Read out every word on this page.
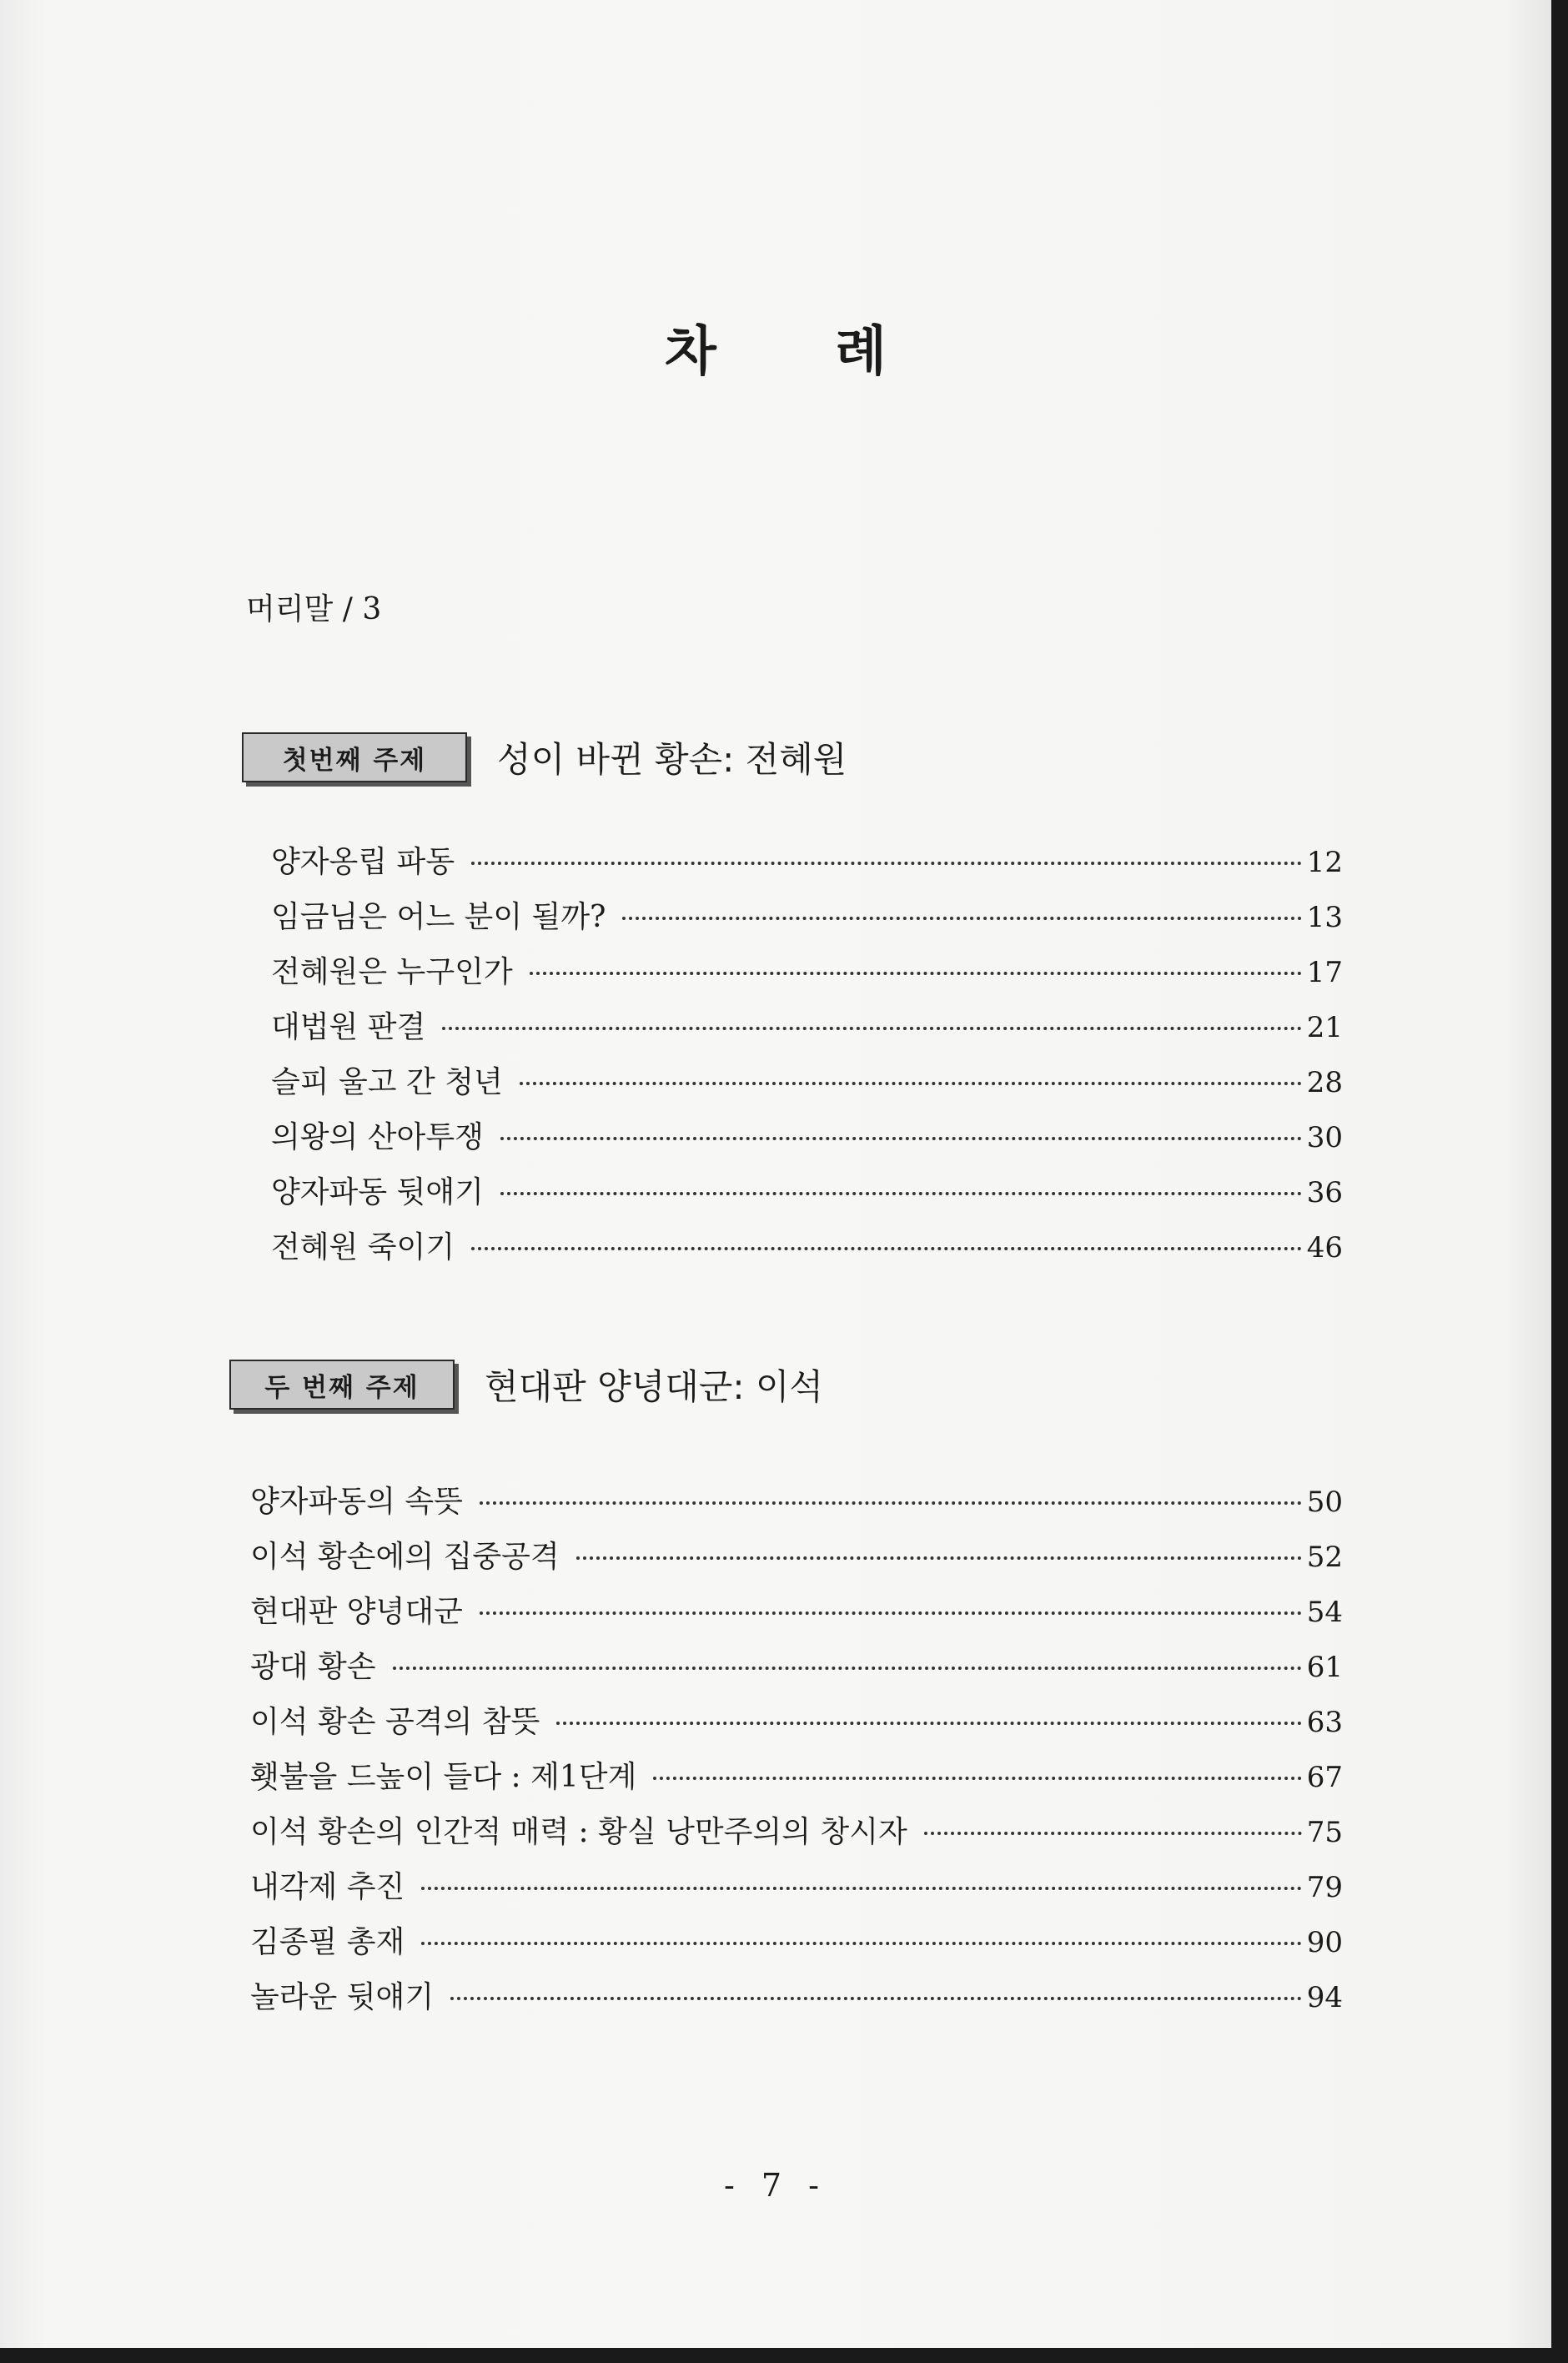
차 례
머리말 / 3
첫번째 주제	성이 바뀐 황손: 전혜원
양자옹립 파동	12
임금님은 어느 분이 될까?	13
전혜원은 누구인가	17
대법원 판결	21
슬피 울고 간 청년	28
의왕의 산아투쟁	30
양자파동 뒷얘기	36
전혜원 죽이기	46
두 번째 주제	현대판 양녕대군: 이석
양자파동의 속뜻	50
이석 황손에의 집중공격	52
현대판 양녕대군	54
광대 황손	61
이석 황손 공격의 참뜻	63
횃불을 드높이 들다 : 제1단계	67
이석 황손의 인간적 매력 : 황실 낭만주의의 창시자	75
내각제 추진	79
김종필 총재	90
놀라운 뒷얘기	94
- 7 -
